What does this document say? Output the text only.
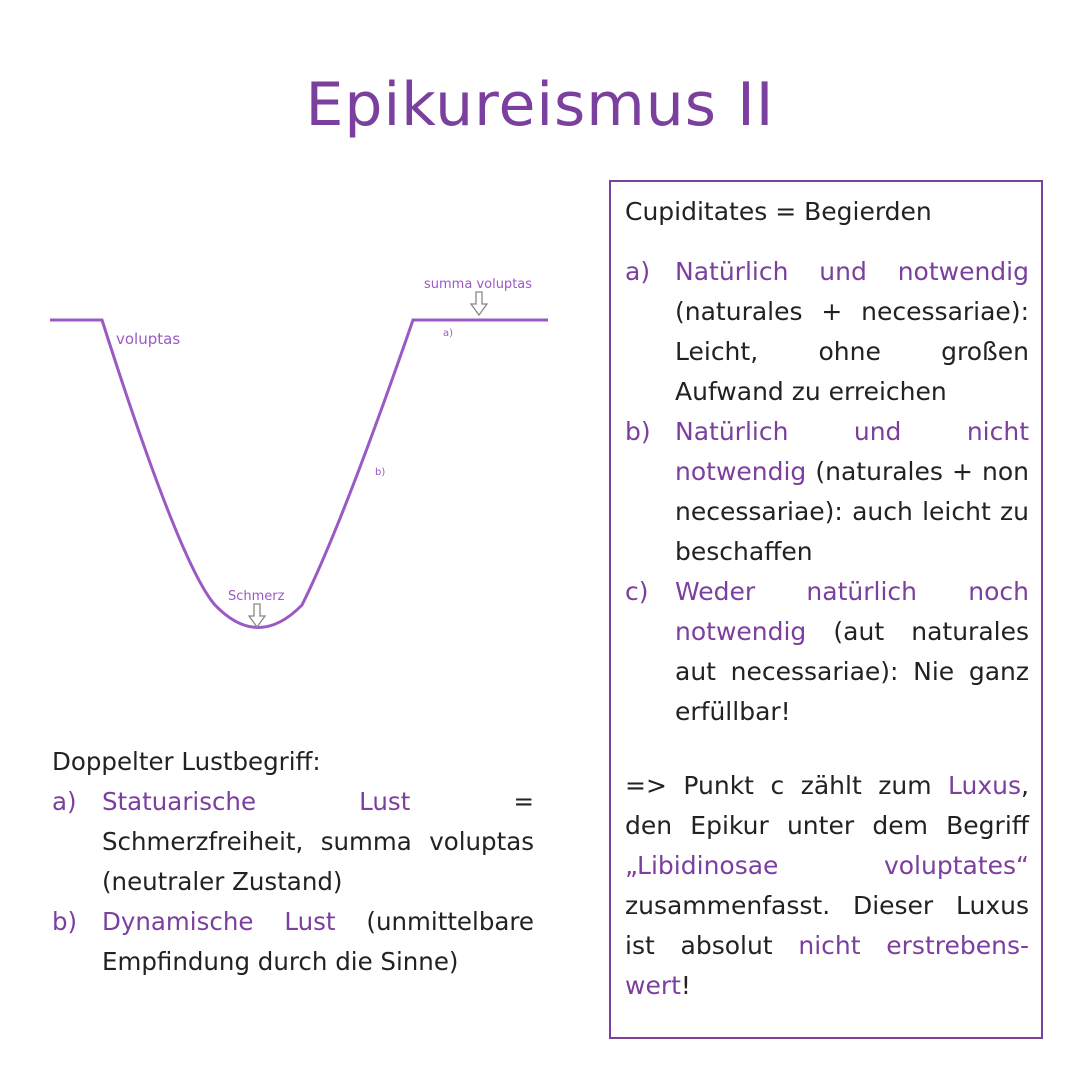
Epikureismus II
voluptas
summa voluptas
a)
b)
Schmerz

Doppelter Lustbegriff:

a)	Statuarische Lust = Schmerzfreiheit, summa voluptas (neutraler Zustand)
b)	Dynamische Lust (unmittelbare Empfindung durch die Sinne)

Cupiditates = Begierden

a) Natürlich und notwendig (naturales + necessariae): Leicht, ohne großen Aufwand zu erreichen
b) Natürlich und nicht notwendig (naturales + non necessariae): auch leicht zu beschaffen
c)	Weder natürlich noch notwendig (aut naturales aut necessariae): Nie ganz erfüllbar!

=> Punkt c zählt zum Luxus, den Epikur unter dem Begriff „Libidinosae voluptates“ zusammenfasst. Dieser Luxus ist absolut nicht erstrebens-wert!
